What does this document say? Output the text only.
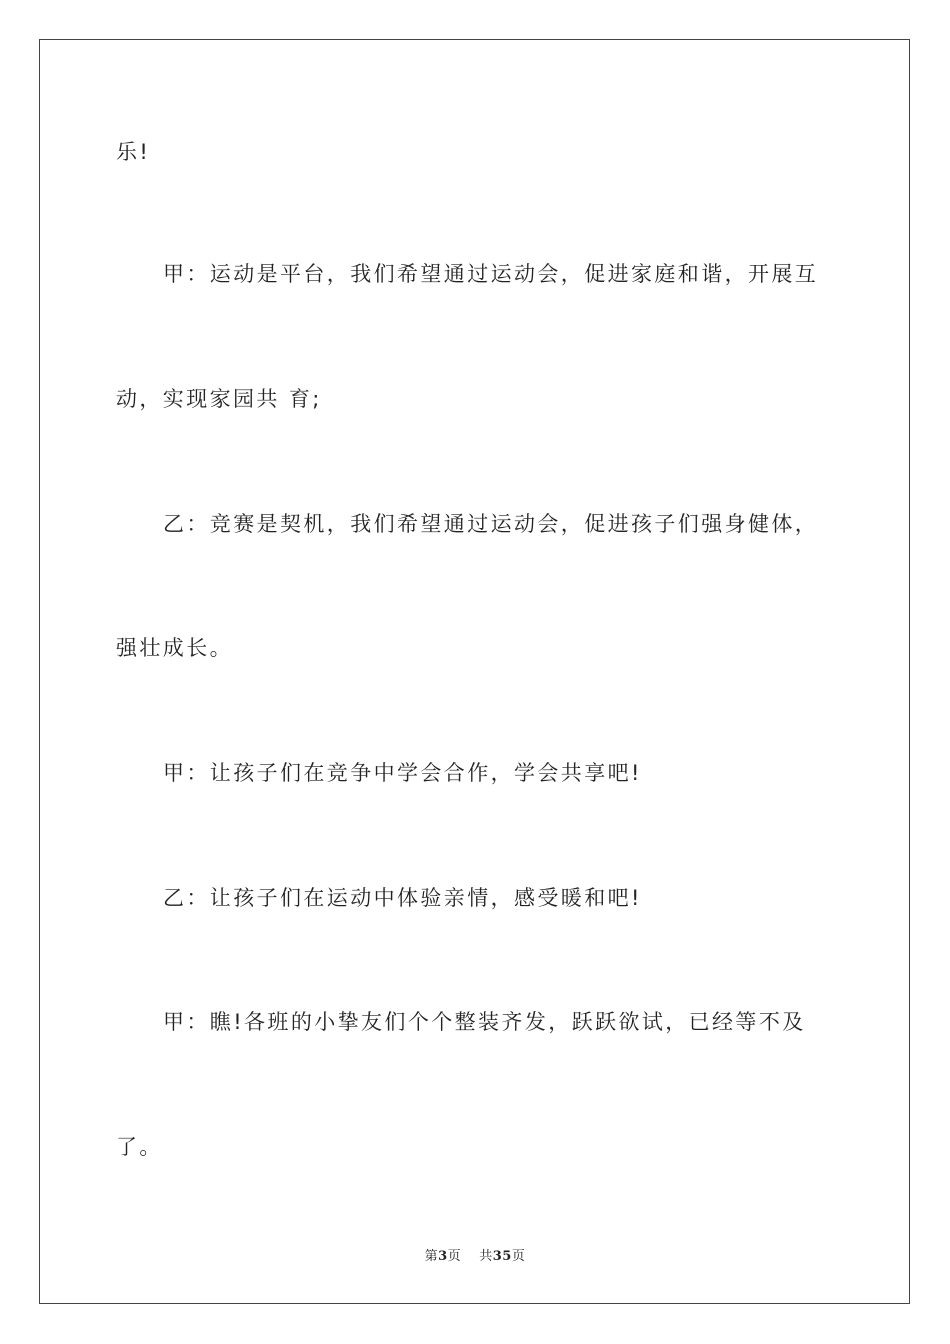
乐!
甲：运动是平台，我们希望通过运动会，促进家庭和谐，开展互
动，实现家园共 育;
乙：竞赛是契机，我们希望通过运动会，促进孩子们强身健体，
强壮成长。
甲：让孩子们在竞争中学会合作，学会共享吧!
乙：让孩子们在运动中体验亲情，感受暖和吧!
甲：瞧!各班的小挚友们个个整装齐发，跃跃欲试，已经等不及
了。
第3页 共35页
